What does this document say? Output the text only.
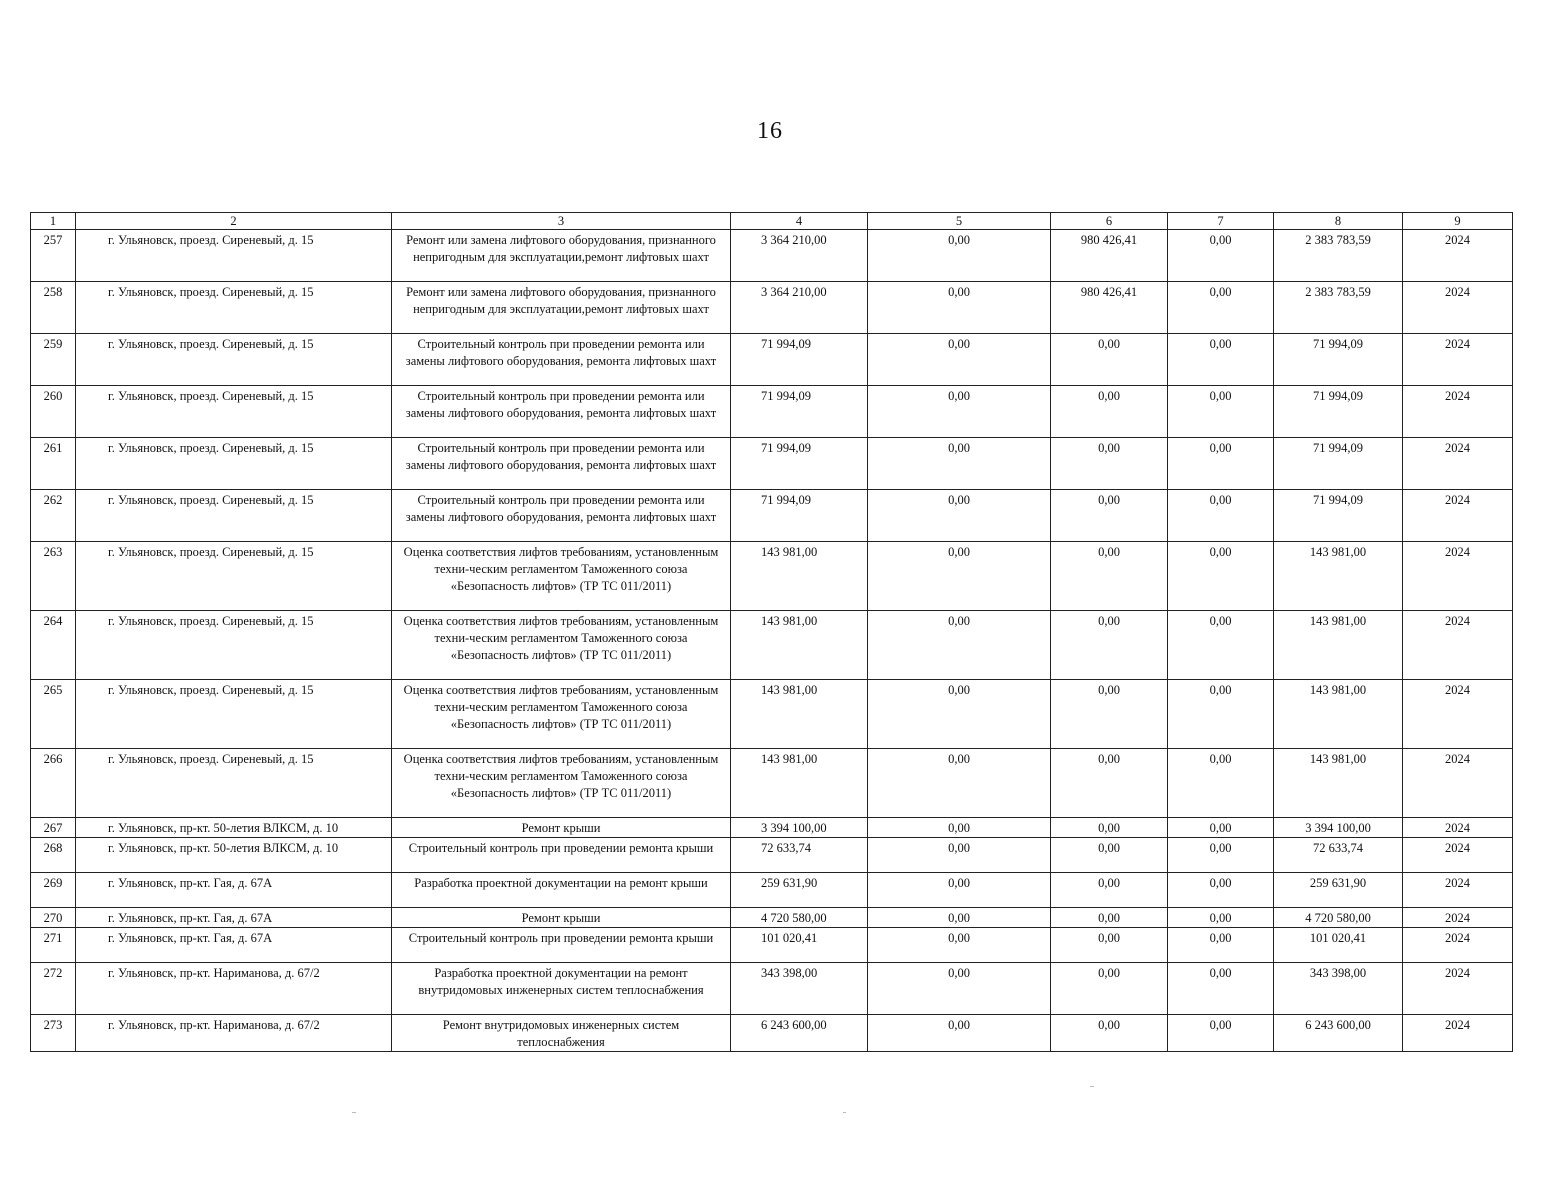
16
1	2	3	4	5	6	7	8	9
257	г. Ульяновск, проезд. Сиреневый, д. 15	Ремонт или замена лифтового оборудования, признанного непригодным для эксплуатации,ремонт лифтовых шахт	3 364 210,00	0,00	980 426,41	0,00	2 383 783,59	2024
258	г. Ульяновск, проезд. Сиреневый, д. 15	Ремонт или замена лифтового оборудования, признанного непригодным для эксплуатации,ремонт лифтовых шахт	3 364 210,00	0,00	980 426,41	0,00	2 383 783,59	2024
259	г. Ульяновск, проезд. Сиреневый, д. 15	Строительный контроль при проведении ремонта или замены лифтового оборудования, ремонта лифтовых шахт	71 994,09	0,00	0,00	0,00	71 994,09	2024
260	г. Ульяновск, проезд. Сиреневый, д. 15	Строительный контроль при проведении ремонта или замены лифтового оборудования, ремонта лифтовых шахт	71 994,09	0,00	0,00	0,00	71 994,09	2024
261	г. Ульяновск, проезд. Сиреневый, д. 15	Строительный контроль при проведении ремонта или замены лифтового оборудования, ремонта лифтовых шахт	71 994,09	0,00	0,00	0,00	71 994,09	2024
262	г. Ульяновск, проезд. Сиреневый, д. 15	Строительный контроль при проведении ремонта или замены лифтового оборудования, ремонта лифтовых шахт	71 994,09	0,00	0,00	0,00	71 994,09	2024
263	г. Ульяновск, проезд. Сиреневый, д. 15	Оценка соответствия лифтов требованиям, установленным техни-ческим регламентом Таможенного союза «Безопасность лифтов» (ТР ТС 011/2011)	143 981,00	0,00	0,00	0,00	143 981,00	2024
264	г. Ульяновск, проезд. Сиреневый, д. 15	Оценка соответствия лифтов требованиям, установленным техни-ческим регламентом Таможенного союза «Безопасность лифтов» (ТР ТС 011/2011)	143 981,00	0,00	0,00	0,00	143 981,00	2024
265	г. Ульяновск, проезд. Сиреневый, д. 15	Оценка соответствия лифтов требованиям, установленным техни-ческим регламентом Таможенного союза «Безопасность лифтов» (ТР ТС 011/2011)	143 981,00	0,00	0,00	0,00	143 981,00	2024
266	г. Ульяновск, проезд. Сиреневый, д. 15	Оценка соответствия лифтов требованиям, установленным техни-ческим регламентом Таможенного союза «Безопасность лифтов» (ТР ТС 011/2011)	143 981,00	0,00	0,00	0,00	143 981,00	2024
267	г. Ульяновск, пр-кт. 50-летия ВЛКСМ, д. 10	Ремонт крыши	3 394 100,00	0,00	0,00	0,00	3 394 100,00	2024
268	г. Ульяновск, пр-кт. 50-летия ВЛКСМ, д. 10	Строительный контроль при проведении ремонта крыши	72 633,74	0,00	0,00	0,00	72 633,74	2024
269	г. Ульяновск, пр-кт. Гая, д. 67А	Разработка проектной документации на ремонт крыши	259 631,90	0,00	0,00	0,00	259 631,90	2024
270	г. Ульяновск, пр-кт. Гая, д. 67А	Ремонт крыши	4 720 580,00	0,00	0,00	0,00	4 720 580,00	2024
271	г. Ульяновск, пр-кт. Гая, д. 67А	Строительный контроль при проведении ремонта крыши	101 020,41	0,00	0,00	0,00	101 020,41	2024
272	г. Ульяновск, пр-кт. Нариманова, д. 67/2	Разработка проектной документации на ремонт внутридомовых инженерных систем теплоснабжения	343 398,00	0,00	0,00	0,00	343 398,00	2024
273	г. Ульяновск, пр-кт. Нариманова, д. 67/2	Ремонт внутридомовых инженерных систем теплоснабжения	6 243 600,00	0,00	0,00	0,00	6 243 600,00	2024
